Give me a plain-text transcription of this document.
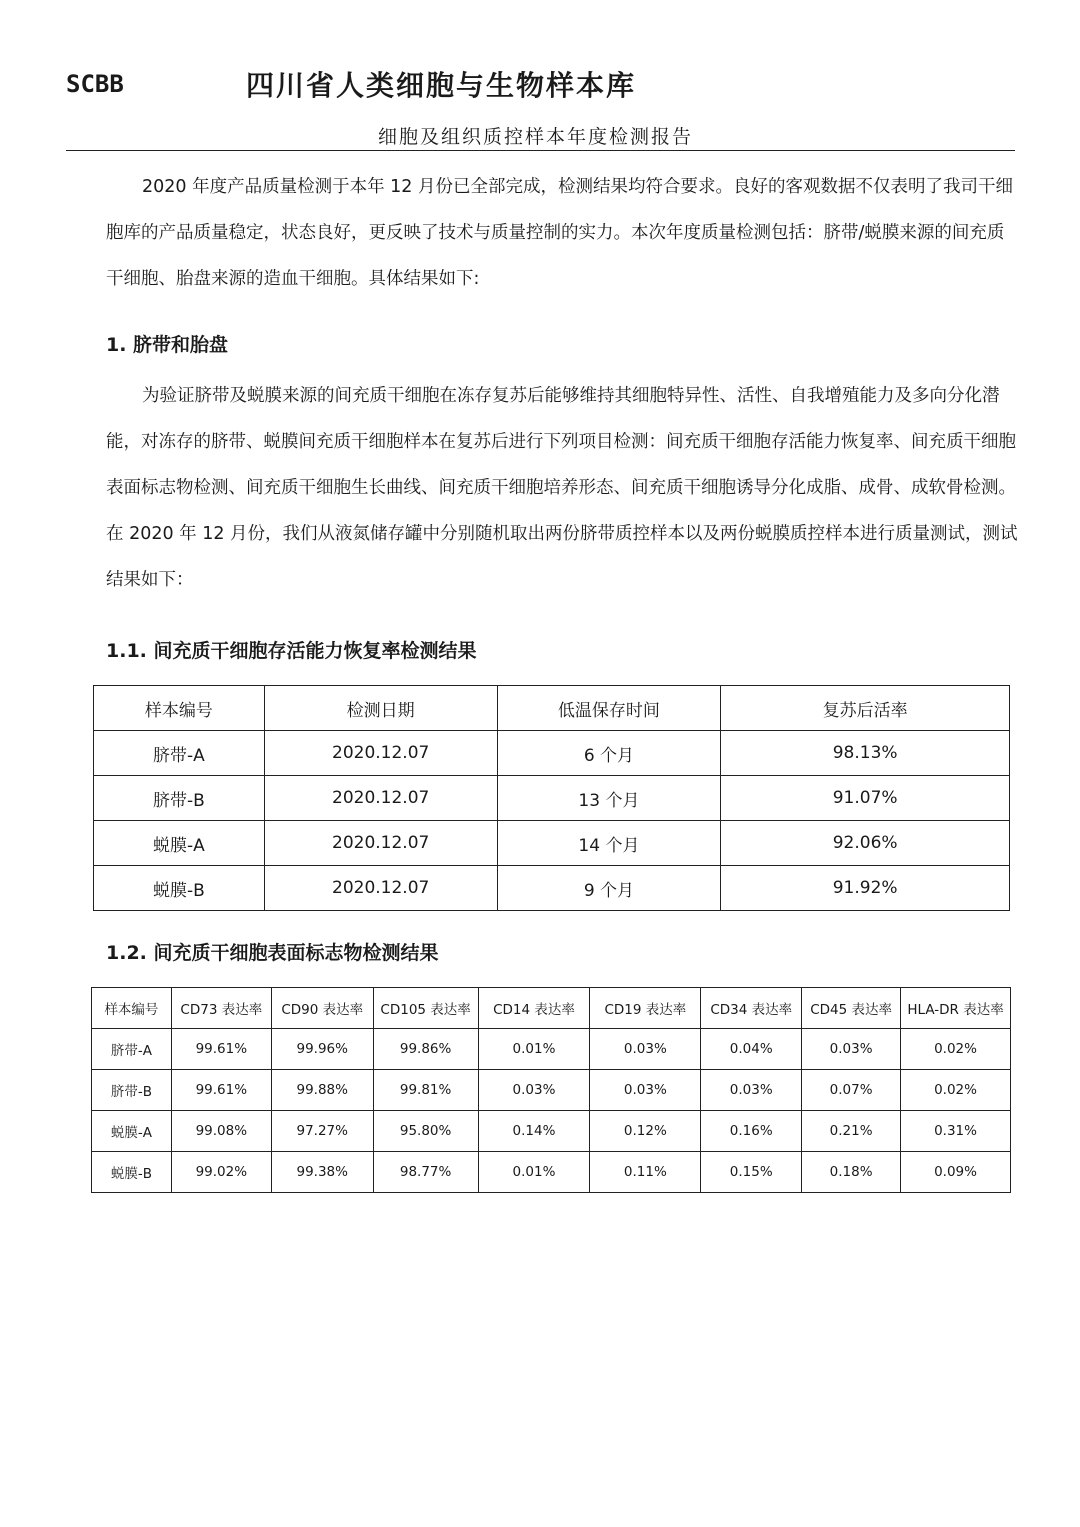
SCBB	四川省人类细胞与生物样本库
细胞及组织质控样本年度检测报告

2020 年度产品质量检测于本年 12 月份已全部完成，检测结果均符合要求。良好的客观数据不仅表明了我司干细胞库的产品质量稳定，状态良好，更反映了技术与质量控制的实力。本次年度质量检测包括：脐带/蜕膜来源的间充质干细胞、胎盘来源的造血干细胞。具体结果如下:

1. 脐带和胎盘

为验证脐带及蜕膜来源的间充质干细胞在冻存复苏后能够维持其细胞特异性、活性、自我增殖能力及多向分化潜能，对冻存的脐带、蜕膜间充质干细胞样本在复苏后进行下列项目检测：间充质干细胞存活能力恢复率、间充质干细胞表面标志物检测、间充质干细胞生长曲线、间充质干细胞培养形态、间充质干细胞诱导分化成脂、成骨、成软骨检测。在 2020 年 12 月份，我们从液氮储存罐中分别随机取出两份脐带质控样本以及两份蜕膜质控样本进行质量测试，测试结果如下：

1.1. 间充质干细胞存活能力恢复率检测结果
样本编号	检测日期	低温保存时间	复苏后活率
脐带-A	2020.12.07	6 个月	98.13%
脐带-B	2020.12.07	13 个月	91.07%
蜕膜-A	2020.12.07	14 个月	92.06%
蜕膜-B	2020.12.07	9 个月	91.92%
1.2. 间充质干细胞表面标志物检测结果
样本编号	CD73 表达率	CD90 表达率	CD105 表达率	CD14 表达率	CD19 表达率	CD34 表达率	CD45 表达率	HLA-DR 表达率
脐带-A	99.61%	99.96%	99.86%	0.01%	0.03%	0.04%	0.03%	0.02%
脐带-B	99.61%	99.88%	99.81%	0.03%	0.03%	0.03%	0.07%	0.02%
蜕膜-A	99.08%	97.27%	95.80%	0.14%	0.12%	0.16%	0.21%	0.31%
蜕膜-B	99.02%	99.38%	98.77%	0.01%	0.11%	0.15%	0.18%	0.09%
